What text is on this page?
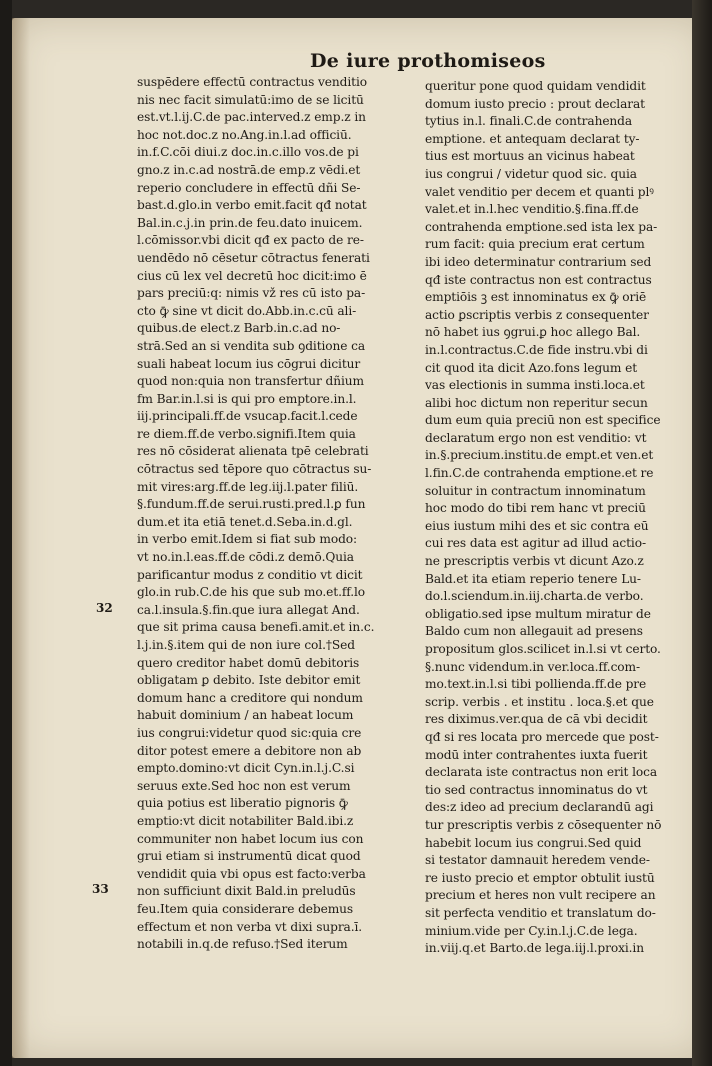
De iure prothomiseos
suspēdere effectū contractus venditio
nis nec facit simulatū:imo de se licitū
est.vt.l.ij.C.de pac.interved.z emp.z in
hoc not.doc.z no.Ang.in.l.ad officiū.
in.f.C.cōi diui.z doc.in.c.illo vos.de pi
gno.z in.c.ad nostrā.de emp.z vēdi.et
reperio concludere in effectū dñi Se-
bast.d.glo.in verbo emit.facit qđ notat
Bal.in.c.j.in prin.de feu.dato inuicem.
l.cōmissor.vbi dicit qđ ex pacto de re-
uendēdo nō cēsetur cōtractus fenerati
cius cū lex vel decretū hoc dicit:imo ē
pars preciū:q: nimis vž res cū isto pa-
cto ꝙ̄ sine vt dicit do.Abb.in.c.cū ali-
quibus.de elect.z Barb.in.c.ad no-
strā.Sed an si vendita sub ꝯditione ca
suali habeat locum ius cōgrui dicitur
quod non:quia non transfertur dñium
fm Bar.in.l.si is qui pro emptore.in.l.
iij.principali.ff.de vsucap.facit.l.cede
re diem.ff.de verbo.signifi.Item quia
res nō cōsiderat alienata tpē celebrati
cōtractus sed tēpore quo cōtractus su-
mit vires:arg.ff.de leg.iij.l.pater filiū.
§.fundum.ff.de serui.rusti.pred.l.ꝑ fun
dum.et ita etiā tenet.d.Seba.in.d.gl.
in verbo emit.Idem si fiat sub modo:
vt no.in.l.eas.ff.de cōdi.z demō.Quia
parificantur modus z conditio vt dicit
glo.in rub.C.de his que sub mo.et.ff.lo
ca.l.insula.§.fin.que iura allegat And.
que sit prima causa benefi.amit.et in.c.
l.j.in.§.item qui de non iure col.†Sed
quero creditor habet domū debitoris
obligatam ꝑ debito. Iste debitor emit
domum hanc a creditore qui nondum
habuit dominium / an habeat locum
ius congrui:videtur quod sic:quia cre
ditor potest emere a debitore non ab
empto.domino:vt dicit Cyn.in.l.j.C.si
seruus exte.Sed hoc non est verum
quia potius est liberatio pignoris ꝙ̄
emptio:vt dicit notabiliter Bald.ibi.z
communiter non habet locum ius con
grui etiam si instrumentū dicat quod
vendidit quia vbi opus est facto:verba
non sufficiunt dixit Bald.in preludūs
feu.Item quia considerare debemus
effectum et non verba vt dixi supra.ī.
notabili in.q.de refuso.†Sed iterum
queritur pone quod quidam vendidit
domum iusto precio : prout declarat
tytius in.l. finali.C.de contrahenda
emptione. et antequam declarat ty-
tius est mortuus an vicinus habeat
ius congrui / videtur quod sic. quia
valet venditio per decem et quanti plꝰ
valet.et in.l.hec venditio.§.fina.ff.de
contrahenda emptione.sed ista lex pa-
rum facit: quia precium erat certum
ibi ideo determinatur contrarium sed
qđ iste contractus non est contractus
emptiōis ꝫ est innominatus ex ꝙ̄ oriē
actio ꝑscriptis verbis z consequenter
nō habet ius ꝯgrui.ꝑ hoc allego Bal.
in.l.contractus.C.de fide instru.vbi di
cit quod ita dicit Azo.fons legum et
vas electionis in summa insti.loca.et
alibi hoc dictum non reperitur secun
dum eum quia preciū non est specifice
declaratum ergo non est venditio: vt
in.§.precium.institu.de empt.et ven.et
l.fin.C.de contrahenda emptione.et re
soluitur in contractum innominatum
hoc modo do tibi rem hanc vt preciū
eius iustum mihi des et sic contra eū
cui res data est agitur ad illud actio-
ne prescriptis verbis vt dicunt Azo.z
Bald.et ita etiam reperio tenere Lu-
do.l.sciendum.in.iij.charta.de verbo.
obligatio.sed ipse multum miratur de
Baldo cum non allegauit ad presens
propositum glos.scilicet in.l.si vt certo.
§.nunc videndum.in ver.loca.ff.com-
mo.text.in.l.si tibi pollienda.ff.de pre
scrip. verbis . et institu . loca.§.et que
res diximus.ver.qua de cā vbi decidit
qđ si res locata pro mercede que post-
modū inter contrahentes iuxta fuerit
declarata iste contractus non erit loca
tio sed contractus innominatus do vt
des:z ideo ad precium declarandū agi
tur prescriptis verbis z cōsequenter nō
habebit locum ius congrui.Sed quid
si testator damnauit heredem vende-
re iusto precio et emptor obtulit iustū
precium et heres non vult recipere an
sit perfecta venditio et translatum do-
minium.vide per Cy.in.l.j.C.de lega.
in.viij.q.et Barto.de lega.iij.l.proxi.in
32
33
